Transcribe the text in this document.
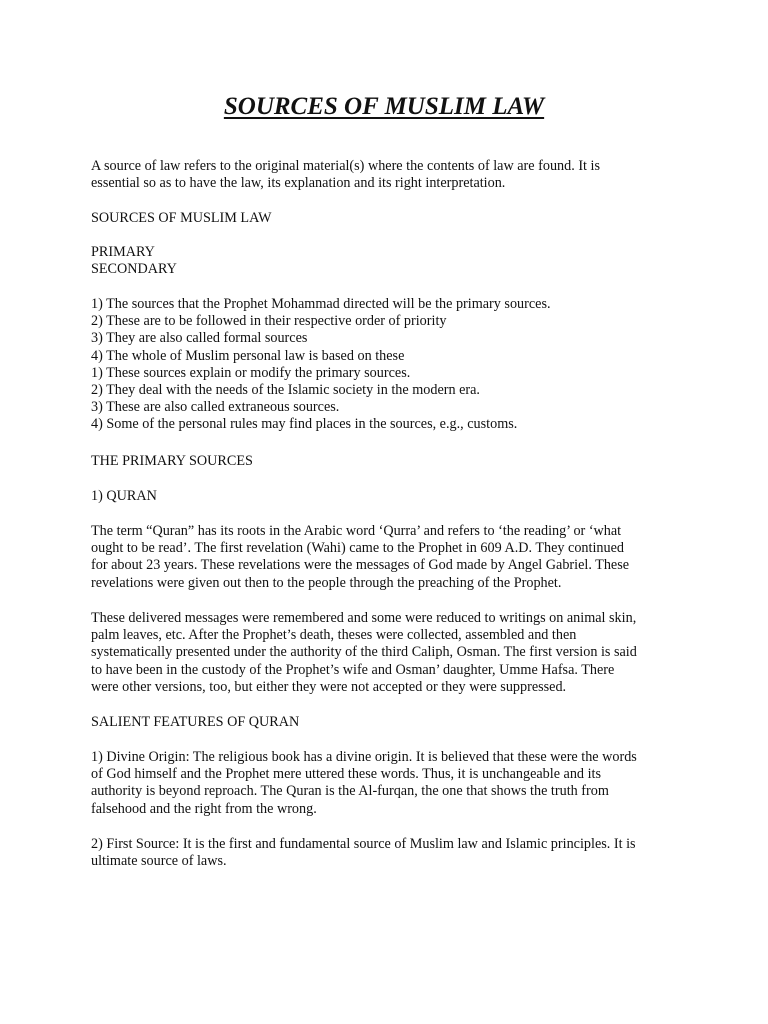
SOURCES OF MUSLIM LAW
A source of law refers to the original material(s) where the contents of law are found. It is
essential so as to have the law, its explanation and its right interpretation.
SOURCES OF MUSLIM LAW
PRIMARY
SECONDARY
1) The sources that the Prophet Mohammad directed will be the primary sources.
2) These are to be followed in their respective order of priority
3) They are also called formal sources
4) The whole of Muslim personal law is based on these
1) These sources explain or modify the primary sources.
2) They deal with the needs of the Islamic society in the modern era.
3) These are also called extraneous sources.
4) Some of the personal rules may find places in the sources, e.g., customs.
THE PRIMARY SOURCES
1) QURAN
The term “Quran” has its roots in the Arabic word ‘Qurra’ and refers to ‘the reading’ or ‘what
ought to be read’. The first revelation (Wahi) came to the Prophet in 609 A.D. They continued
for about 23 years. These revelations were the messages of God made by Angel Gabriel. These
revelations were given out then to the people through the preaching of the Prophet.
These delivered messages were remembered and some were reduced to writings on animal skin,
palm leaves, etc. After the Prophet’s death, theses were collected, assembled and then
systematically presented under the authority of the third Caliph, Osman. The first version is said
to have been in the custody of the Prophet’s wife and Osman’ daughter, Umme Hafsa. There
were other versions, too, but either they were not accepted or they were suppressed.
SALIENT FEATURES OF QURAN
1) Divine Origin: The religious book has a divine origin. It is believed that these were the words
of God himself and the Prophet mere uttered these words. Thus, it is unchangeable and its
authority is beyond reproach. The Quran is the Al-furqan, the one that shows the truth from
falsehood and the right from the wrong.
2) First Source: It is the first and fundamental source of Muslim law and Islamic principles. It is
ultimate source of laws.
